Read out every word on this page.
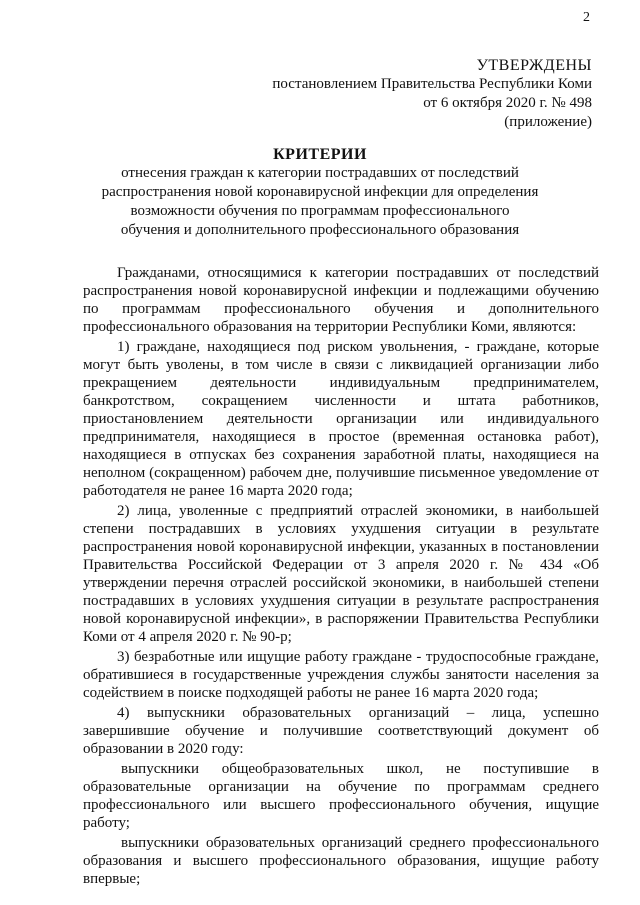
2
УТВЕРЖДЕНЫ
постановлением Правительства Республики Коми
от 6 октября 2020 г. № 498
(приложение)
КРИТЕРИИ
отнесения граждан к категории пострадавших от последствий распространения новой коронавирусной инфекции для определения возможности обучения по программам профессионального обучения и дополнительного профессионального образования

Гражданами, относящимися к категории пострадавших от последствий распространения новой коронавирусной инфекции и подлежащими обучению по программам профессионального обучения и дополнительного профессионального образования на территории Республики Коми, являются:

1) граждане, находящиеся под риском увольнения, - граждане, которые могут быть уволены, в том числе в связи с ликвидацией организации либо прекращением деятельности индивидуальным предпринимателем, банкротством, сокращением численности и штата работников, приостановлением деятельности организации или индивидуального предпринимателя, находящиеся в простое (временная остановка работ), находящиеся в отпусках без сохранения заработной платы, находящиеся на неполном (сокращенном) рабочем дне, получившие письменное уведомление от работодателя не ранее 16 марта 2020 года;

2) лица, уволенные с предприятий отраслей экономики, в наибольшей степени пострадавших в условиях ухудшения ситуации в результате распространения новой коронавирусной инфекции, указанных в постановлении Правительства Российской Федерации от 3 апреля 2020 г. № 434 «Об утверждении перечня отраслей российской экономики, в наибольшей степени пострадавших в условиях ухудшения ситуации в результате распространения новой коронавирусной инфекции», в распоряжении Правительства Республики Коми от 4 апреля 2020 г. № 90-р;

3) безработные или ищущие работу граждане - трудоспособные граждане, обратившиеся в государственные учреждения службы занятости населения за содействием в поиске подходящей работы не ранее 16 марта 2020 года;

4) выпускники образовательных организаций – лица, успешно завершившие обучение и получившие соответствующий документ об образовании в 2020 году:

выпускники общеобразовательных школ, не поступившие в образовательные организации на обучение по программам среднего профессионального или высшего профессионального обучения, ищущие работу;

выпускники образовательных организаций среднего профессионального образования и высшего профессионального образования, ищущие работу впервые;
